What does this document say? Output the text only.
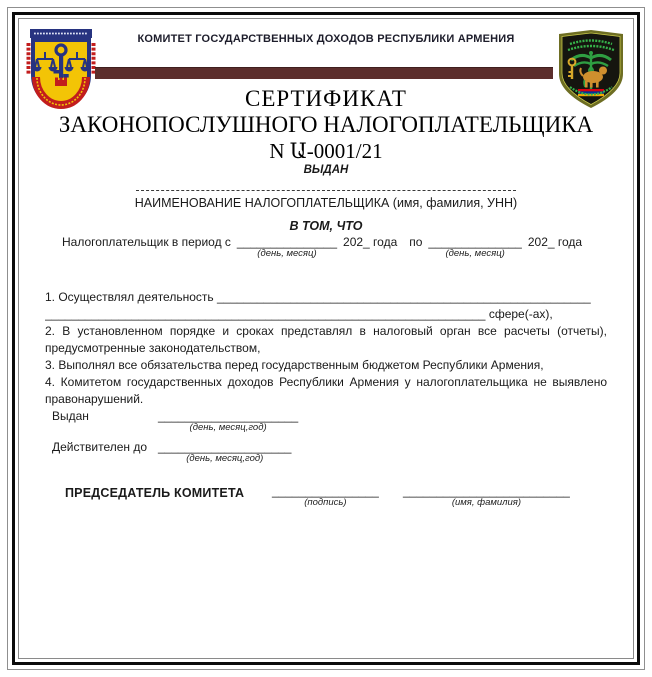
КОМИТЕТ ГОСУДАРСТВЕННЫХ ДОХОДОВ РЕСПУБЛИКИ АРМЕНИЯ
СЕРТИФИКАТ
ЗАКОНОПОСЛУШНОГО НАЛОГОПЛАТЕЛЬЩИКА
N Ա-0001/21
ВЫДАН
НАИМЕНОВАНИЕ НАЛОГОПЛАТЕЛЬЩИКА (имя, фамилия, УНН)
В ТОМ, ЧТО
Налогоплательщик в период с _______________
(день, месяц)
202_ года по ______________
(день, месяц)
202_ года
1. Осуществлял деятельность ________________________________________________________
__________________________________________________________________ сфере(-ах),
2. В установленном порядке и сроках представлял в налоговый орган все расчеты (отчеты),
предусмотренные законодательством,
3. Выполнял все обязательства перед государственным бюджетом Республики Армения,
4. Комитетом государственных доходов Республики Армения у налогоплательщика не выявлено
правонарушений.
Выдан	_____________________
(день, месяц,год)
Действителен до ____________________
(день, месяц,год)
ПРЕДСЕДАТЕЛЬ КОМИТЕТА ________________
(подпись)
_________________________
(имя, фамилия)
